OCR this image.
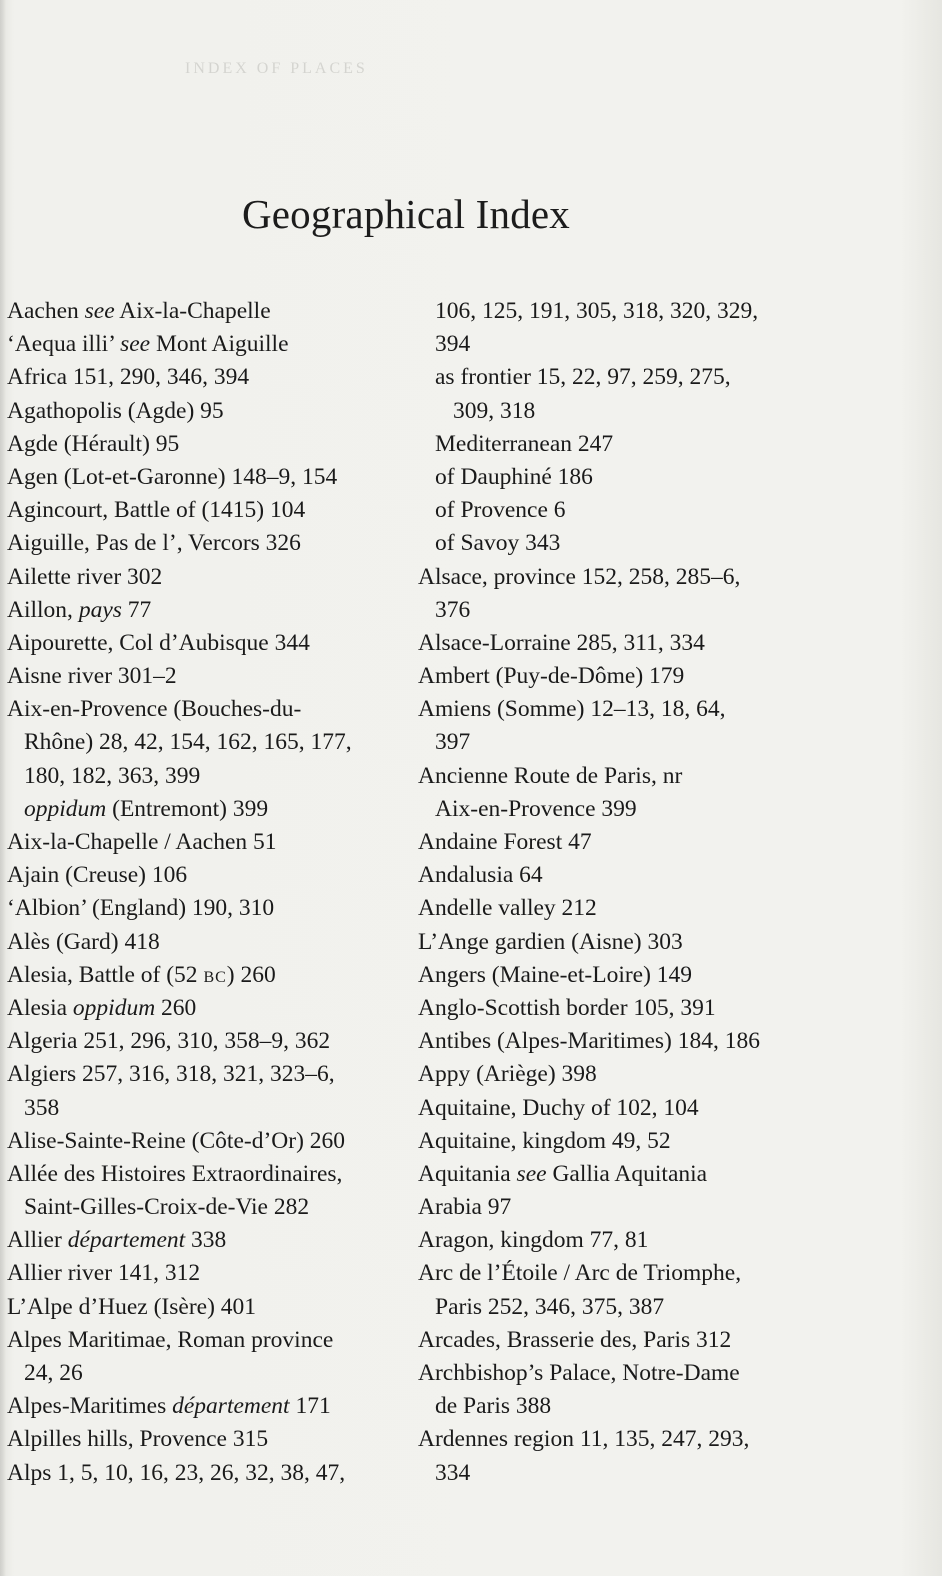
INDEX OF PLACES
Geographical Index
Aachen see Aix-la-Chapelle
‘Aequa illi’ see Mont Aiguille
Africa 151, 290, 346, 394
Agathopolis (Agde) 95
Agde (Hérault) 95
Agen (Lot-et-Garonne) 148–9, 154
Agincourt, Battle of (1415) 104
Aiguille, Pas de l’, Vercors 326
Ailette river 302
Aillon, pays 77
Aipourette, Col d’Aubisque 344
Aisne river 301–2
Aix-en-Provence (Bouches-du-
Rhône) 28, 42, 154, 162, 165, 177,
180, 182, 363, 399
oppidum (Entremont) 399
Aix-la-Chapelle / Aachen 51
Ajain (Creuse) 106
‘Albion’ (England) 190, 310
Alès (Gard) 418
Alesia, Battle of (52 bc) 260
Alesia oppidum 260
Algeria 251, 296, 310, 358–9, 362
Algiers 257, 316, 318, 321, 323–6,
358
Alise-Sainte-Reine (Côte-d’Or) 260
Allée des Histoires Extraordinaires,
Saint-Gilles-Croix-de-Vie 282
Allier département 338
Allier river 141, 312
L’Alpe d’Huez (Isère) 401
Alpes Maritimae, Roman province
24, 26
Alpes-Maritimes département 171
Alpilles hills, Provence 315
Alps 1, 5, 10, 16, 23, 26, 32, 38, 47,
106, 125, 191, 305, 318, 320, 329,
394
as frontier 15, 22, 97, 259, 275,
309, 318
Mediterranean 247
of Dauphiné 186
of Provence 6
of Savoy 343
Alsace, province 152, 258, 285–6,
376
Alsace-Lorraine 285, 311, 334
Ambert (Puy-de-Dôme) 179
Amiens (Somme) 12–13, 18, 64,
397
Ancienne Route de Paris, nr
Aix-en-Provence 399
Andaine Forest 47
Andalusia 64
Andelle valley 212
L’Ange gardien (Aisne) 303
Angers (Maine-et-Loire) 149
Anglo-Scottish border 105, 391
Antibes (Alpes-Maritimes) 184, 186
Appy (Ariège) 398
Aquitaine, Duchy of 102, 104
Aquitaine, kingdom 49, 52
Aquitania see Gallia Aquitania
Arabia 97
Aragon, kingdom 77, 81
Arc de l’Étoile / Arc de Triomphe,
Paris 252, 346, 375, 387
Arcades, Brasserie des, Paris 312
Archbishop’s Palace, Notre-Dame
de Paris 388
Ardennes region 11, 135, 247, 293,
334
